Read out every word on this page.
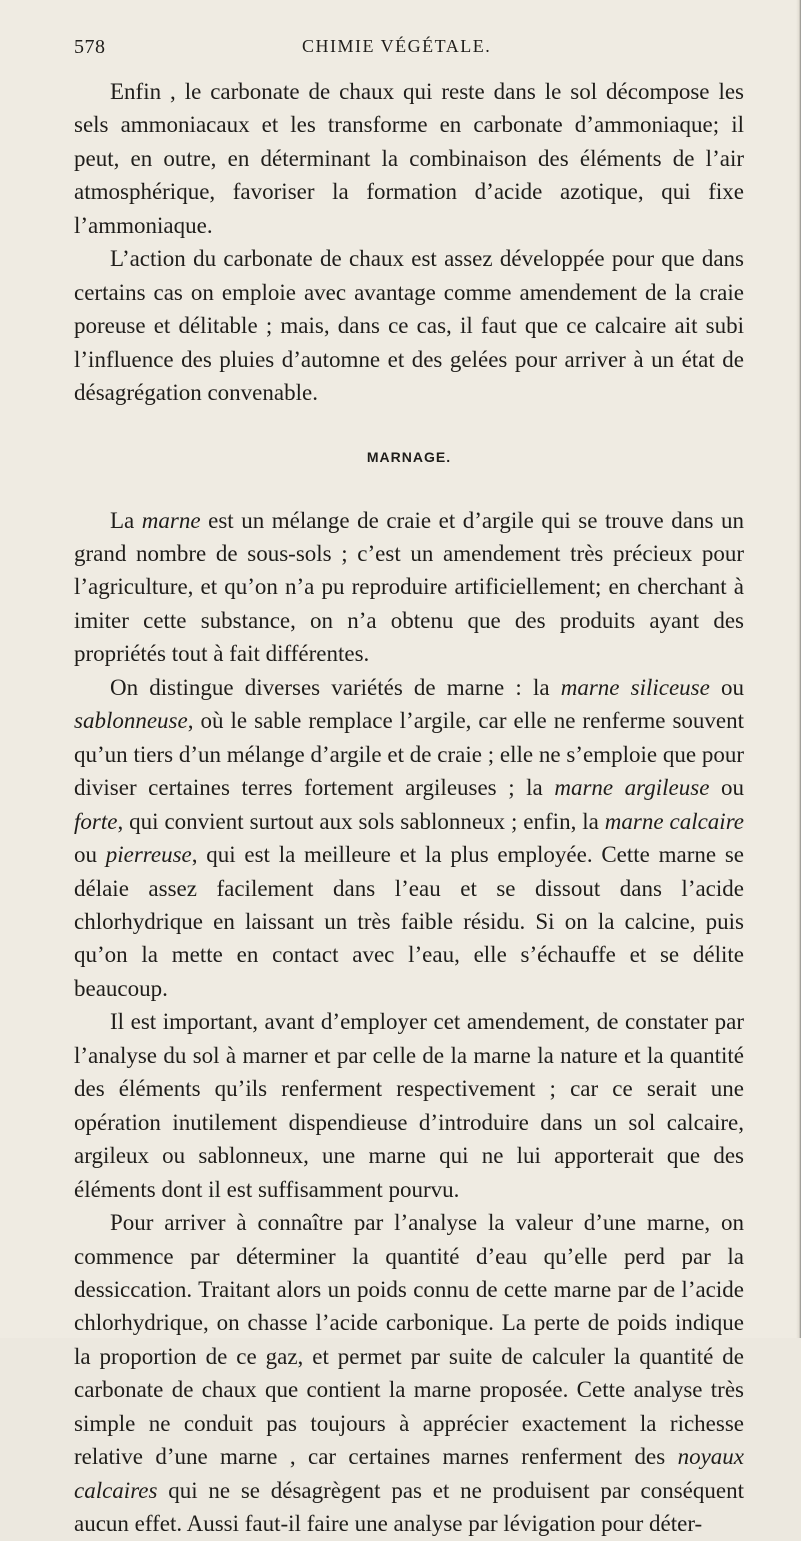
578	CHIMIE VÉGÉTALE.

Enfin , le carbonate de chaux qui reste dans le sol décompose les sels ammoniacaux et les transforme en carbonate d’ammoniaque; il peut, en outre, en déterminant la combinaison des éléments de l’air atmosphérique, favoriser la formation d’acide azotique, qui fixe l’ammoniaque.

L’action du carbonate de chaux est assez développée pour que dans certains cas on emploie avec avantage comme amendement de la craie poreuse et délitable ; mais, dans ce cas, il faut que ce calcaire ait subi l’influence des pluies d’automne et des gelées pour arriver à un état de désagrégation convenable.

MARNAGE.

La marne est un mélange de craie et d’argile qui se trouve dans un grand nombre de sous-sols ; c’est un amendement très précieux pour l’agriculture, et qu’on n’a pu reproduire artificiellement; en cherchant à imiter cette substance, on n’a obtenu que des produits ayant des propriétés tout à fait différentes.

On distingue diverses variétés de marne : la marne siliceuse ou sablonneuse, où le sable remplace l’argile, car elle ne renferme souvent qu’un tiers d’un mélange d’argile et de craie ; elle ne s’emploie que pour diviser certaines terres fortement argileuses ; la marne argileuse ou forte, qui convient surtout aux sols sablonneux ; enfin, la marne calcaire ou pierreuse, qui est la meilleure et la plus employée. Cette marne se délaie assez facilement dans l’eau et se dissout dans l’acide chlorhydrique en laissant un très faible résidu. Si on la calcine, puis qu’on la mette en contact avec l’eau, elle s’échauffe et se délite beaucoup.

Il est important, avant d’employer cet amendement, de constater par l’analyse du sol à marner et par celle de la marne la nature et la quantité des éléments qu’ils renferment respectivement ; car ce serait une opération inutilement dispendieuse d’introduire dans un sol calcaire, argileux ou sablonneux, une marne qui ne lui apporterait que des éléments dont il est suffisamment pourvu.

Pour arriver à connaître par l’analyse la valeur d’une marne, on commence par déterminer la quantité d’eau qu’elle perd par la dessiccation. Traitant alors un poids connu de cette marne par de l’acide chlorhydrique, on chasse l’acide carbonique. La perte de poids indique la proportion de ce gaz, et permet par suite de calculer la quantité de carbonate de chaux que contient la marne proposée. Cette analyse très simple ne conduit pas toujours à apprécier exactement la richesse relative d’une marne , car certaines marnes renferment des noyaux calcaires qui ne se désagrègent pas et ne produisent par conséquent aucun effet. Aussi faut-il faire une analyse par lévigation pour déter-
